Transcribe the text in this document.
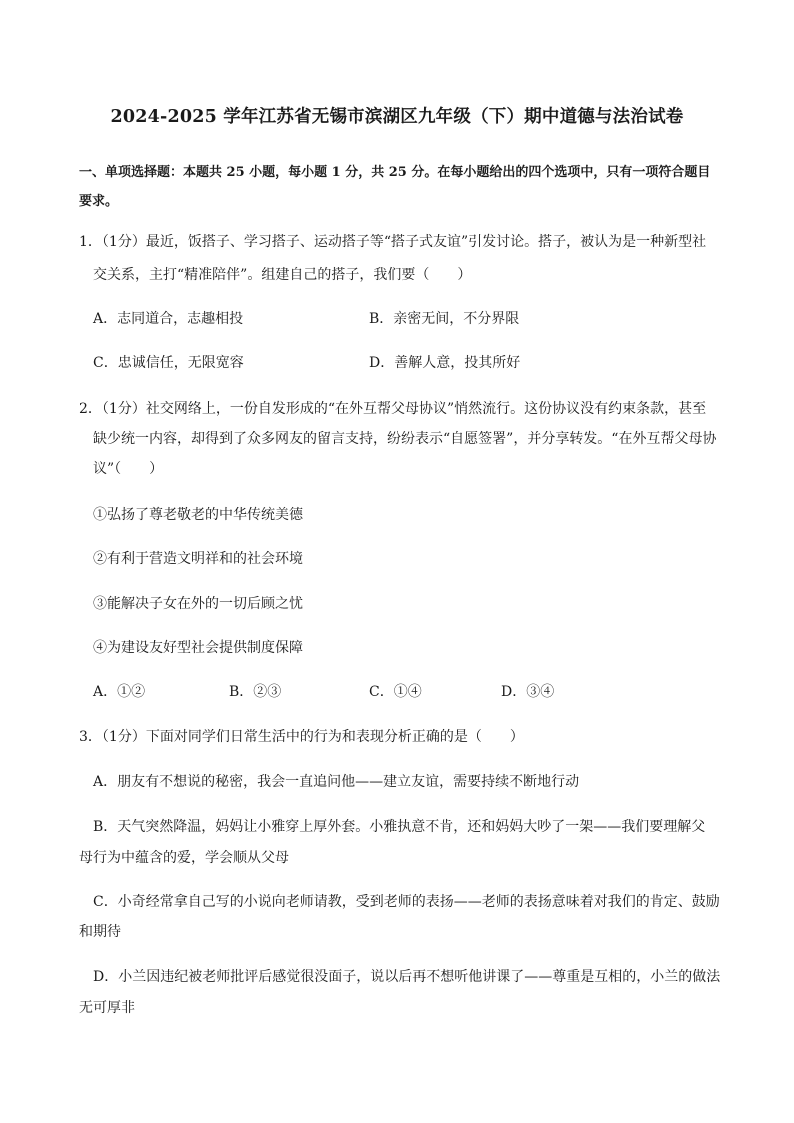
2024-2025 学年江苏省无锡市滨湖区九年级（下）期中道德与法治试卷
一、单项选择题：本题共 25 小题，每小题 1 分，共 25 分。在每小题给出的四个选项中，只有一项符合题目要求。
1．（1分）最近，饭搭子、学习搭子、运动搭子等“搭子式友谊”引发讨论。搭子，被认为是一种新型社
交关系，主打“精准陪伴”。组建自己的搭子，我们要（　　）
A．志同道合，志趣相投	B．亲密无间，不分界限
C．忠诚信任，无限宽容	D．善解人意，投其所好
2．（1分）社交网络上，一份自发形成的“在外互帮父母协议”悄然流行。这份协议没有约束条款，甚至
缺少统一内容，却得到了众多网友的留言支持，纷纷表示“自愿签署”，并分享转发。“在外互帮父母协
议”（　　）
①弘扬了尊老敬老的中华传统美德
②有利于营造文明祥和的社会环境
③能解决子女在外的一切后顾之忧
④为建设友好型社会提供制度保障
A．①②	B．②③	C．①④	D．③④
3．（1分）下面对同学们日常生活中的行为和表现分析正确的是（　　）
A．朋友有不想说的秘密，我会一直追问他——建立友谊，需要持续不断地行动
B．天气突然降温，妈妈让小雅穿上厚外套。小雅执意不肯，还和妈妈大吵了一架——我们要理解父
母行为中蕴含的爱，学会顺从父母
C．小奇经常拿自己写的小说向老师请教，受到老师的表扬——老师的表扬意味着对我们的肯定、鼓励
和期待
D．小兰因违纪被老师批评后感觉很没面子，说以后再不想听他讲课了——尊重是互相的，小兰的做法
无可厚非
